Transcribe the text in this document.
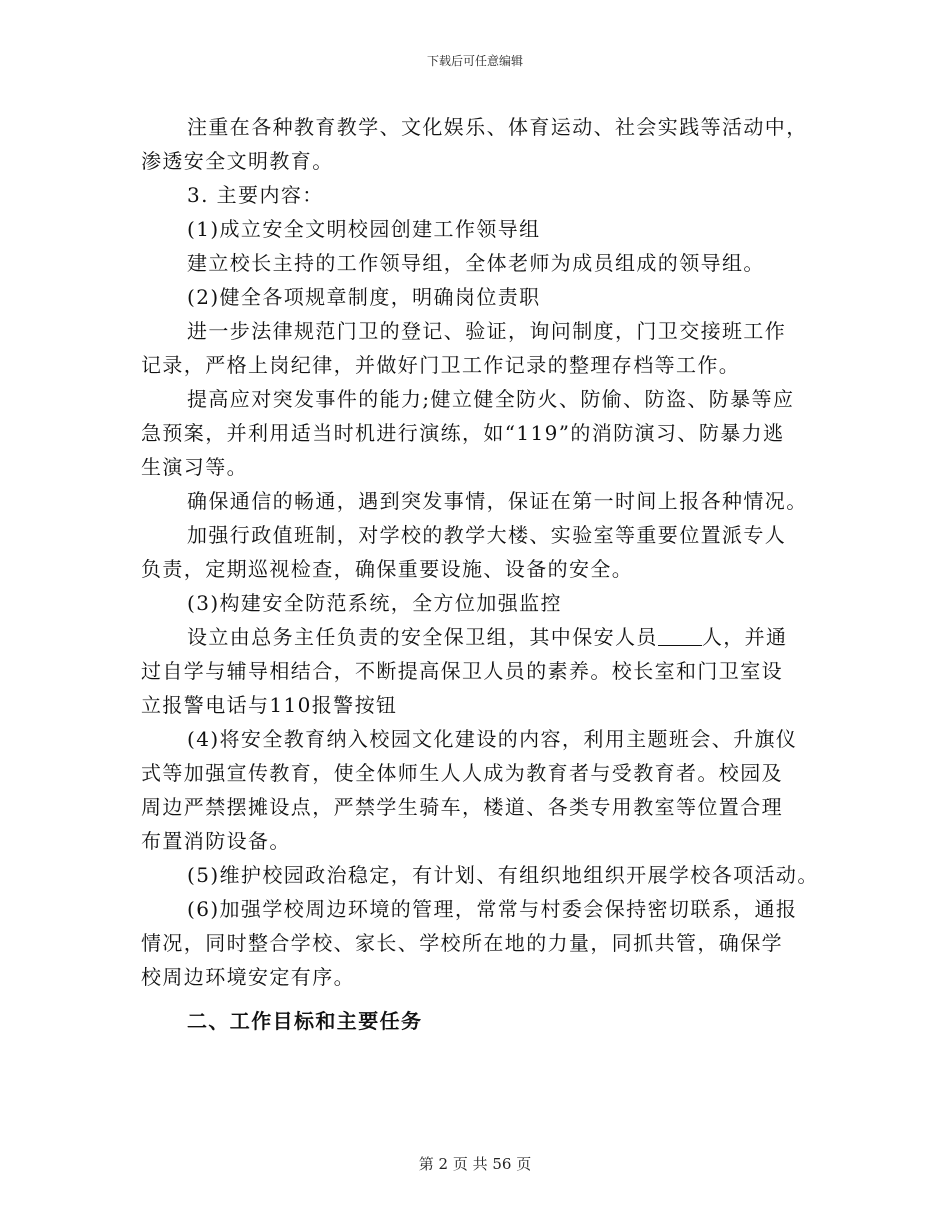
下载后可任意编辑
注重在各种教育教学、文化娱乐、体育运动、社会实践等活动中，
渗透安全文明教育。
3. 主要内容：
(1)成立安全文明校园创建工作领导组
建立校长主持的工作领导组，全体老师为成员组成的领导组。
(2)健全各项规章制度，明确岗位责职
进一步法律规范门卫的登记、验证，询问制度，门卫交接班工作
记录，严格上岗纪律，并做好门卫工作记录的整理存档等工作。
提高应对突发事件的能力;健立健全防火、防偷、防盗、防暴等应
急预案，并利用适当时机进行演练，如“119”的消防演习、防暴力逃
生演习等。
确保通信的畅通，遇到突发事情，保证在第一时间上报各种情况。
加强行政值班制，对学校的教学大楼、实验室等重要位置派专人
负责，定期巡视检查，确保重要设施、设备的安全。
(3)构建安全防范系统，全方位加强监控
设立由总务主任负责的安全保卫组，其中保安人员 人，并通
过自学与辅导相结合，不断提高保卫人员的素养。校长室和门卫室设
立报警电话与110报警按钮
(4)将安全教育纳入校园文化建设的内容，利用主题班会、升旗仪
式等加强宣传教育，使全体师生人人成为教育者与受教育者。校园及
周边严禁摆摊设点，严禁学生骑车，楼道、各类专用教室等位置合理
布置消防设备。
(5)维护校园政治稳定，有计划、有组织地组织开展学校各项活动。
(6)加强学校周边环境的管理，常常与村委会保持密切联系，通报
情况，同时整合学校、家长、学校所在地的力量，同抓共管，确保学
校周边环境安定有序。
二、工作目标和主要任务
第 2 页 共 56 页
